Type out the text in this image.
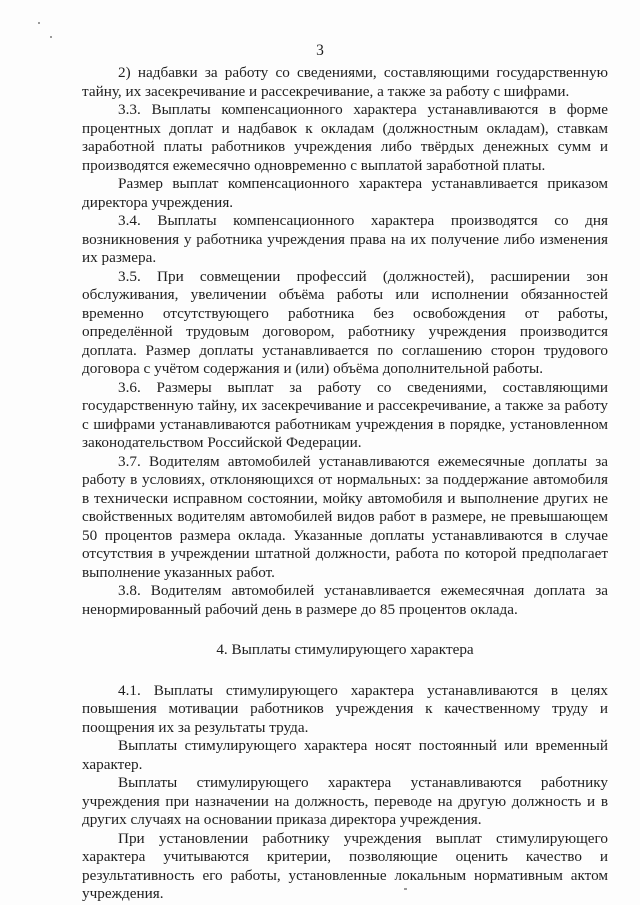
3

2) надбавки за работу со сведениями, составляющими государственную тайну, их засекречивание и рассекречивание, а также за работу с шифрами.

3.3. Выплаты компенсационного характера устанавливаются в форме процентных доплат и надбавок к окладам (должностным окладам), ставкам заработной платы работников учреждения либо твёрдых денежных сумм и производятся ежемесячно одновременно с выплатой заработной платы.

Размер выплат компенсационного характера устанавливается приказом директора учреждения.

3.4. Выплаты компенсационного характера производятся со дня возникновения у работника учреждения права на их получение либо изменения их размера.

3.5. При совмещении профессий (должностей), расширении зон обслуживания, увеличении объёма работы или исполнении обязанностей временно отсутствующего работника без освобождения от работы, определённой трудовым договором, работнику учреждения производится доплата. Размер доплаты устанавливается по соглашению сторон трудового договора с учётом содержания и (или) объёма дополнительной работы.

3.6. Размеры выплат за работу со сведениями, составляющими государственную тайну, их засекречивание и рассекречивание, а также за работу с шифрами устанавливаются работникам учреждения в порядке, установленном законодательством Российской Федерации.

3.7. Водителям автомобилей устанавливаются ежемесячные доплаты за работу в условиях, отклоняющихся от нормальных: за поддержание автомобиля в технически исправном состоянии, мойку автомобиля и выполнение других не свойственных водителям автомобилей видов работ в размере, не превышающем 50 процентов размера оклада. Указанные доплаты устанавливаются в случае отсутствия в учреждении штатной должности, работа по которой предполагает выполнение указанных работ.

3.8. Водителям автомобилей устанавливается ежемесячная доплата за ненормированный рабочий день в размере до 85 процентов оклада.

4. Выплаты стимулирующего характера

4.1. Выплаты стимулирующего характера устанавливаются в целях повышения мотивации работников учреждения к качественному труду и поощрения их за результаты труда.

Выплаты стимулирующего характера носят постоянный или временный характер.

Выплаты стимулирующего характера устанавливаются работнику учреждения при назначении на должность, переводе на другую должность и в других случаях на основании приказа директора учреждения.

При установлении работнику учреждения выплат стимулирующего характера учитываются критерии, позволяющие оценить качество и результативность его работы, установленные локальным нормативным актом учреждения.
